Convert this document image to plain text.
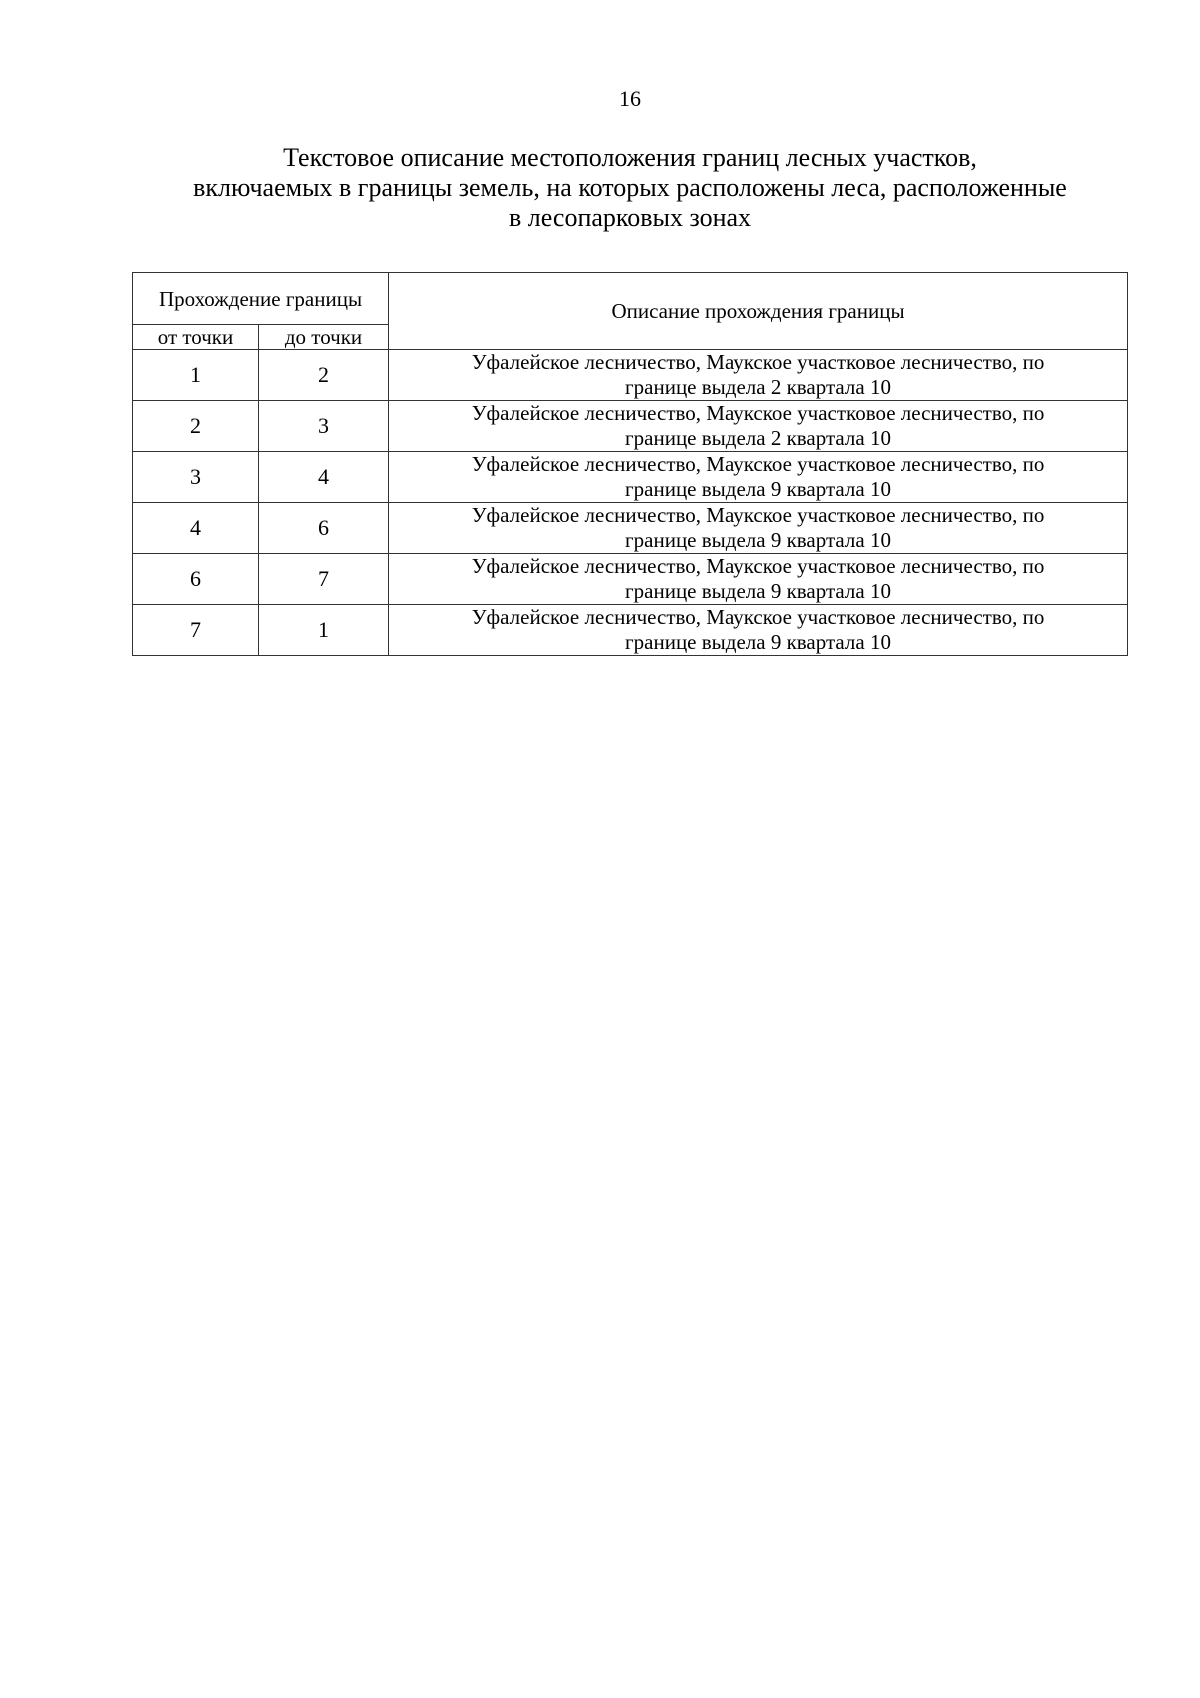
16
Текстовое описание местоположения границ лесных участков,
включаемых в границы земель, на которых расположены леса, расположенные
в лесопарковых зонах
Прохождение границы		Описание прохождения границы
от точки	до точки	
1	2	Уфалейское лесничество, Маукское участковое лесничество, по
границе выдела 2 квартала 10

2	3	Уфалейское лесничество, Маукское участковое лесничество, по
границе выдела 2 квартала 10

3	4	Уфалейское лесничество, Маукское участковое лесничество, по
границе выдела 9 квартала 10

4	6	Уфалейское лесничество, Маукское участковое лесничество, по
границе выдела 9 квартала 10

6	7	Уфалейское лесничество, Маукское участковое лесничество, по
границе выдела 9 квартала 10

7	1	Уфалейское лесничество, Маукское участковое лесничество, по
границе выдела 9 квартала 10
